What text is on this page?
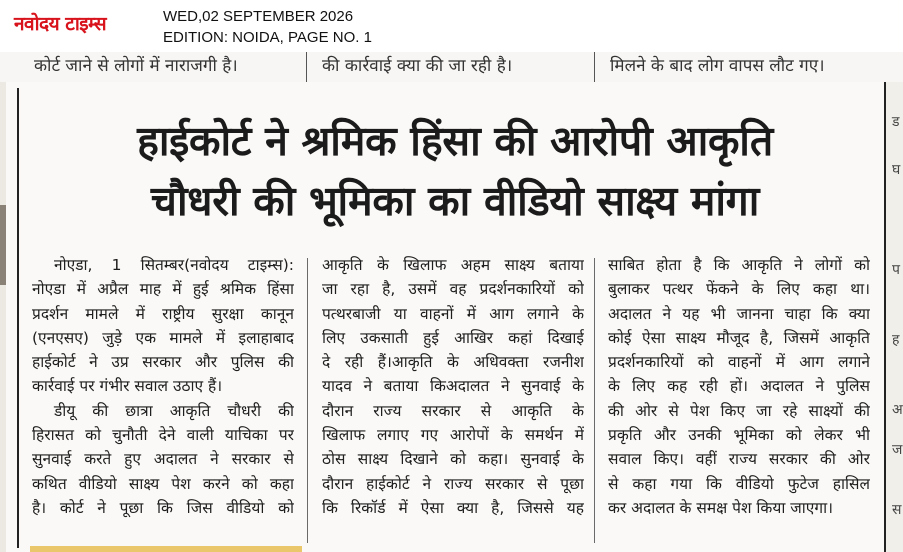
नवोदय टाइम्स	WED,02 SEPTEMBER 2026
EDITION: NOIDA, PAGE NO. 1
कोर्ट जाने से लोगों में नाराजगी है।	की कार्रवाई क्या की जा रही है।	मिलने के बाद लोग वापस लौट गए।
ड
घ
प
ह
अ
ज
स
हाईकोर्ट ने श्रमिक हिंसा की आरोपी आकृति
चौधरी की भूमिका का वीडियो साक्ष्य मांगा
नोएडा, 1 सितम्बर(नवोदय टाइम्स):
नोएडा में अप्रैल माह में हुई श्रमिक हिंसा
प्रदर्शन मामले में राष्ट्रीय सुरक्षा कानून
(एनएसए) जुड़े एक मामले में इलाहाबाद
हाईकोर्ट ने उप्र सरकार और पुलिस की
कार्रवाई पर गंभीर सवाल उठाए हैं।
डीयू की छात्रा आकृति चौधरी की
हिरासत को चुनौती देने वाली याचिका पर
सुनवाई करते हुए अदालत ने सरकार से
कथित वीडियो साक्ष्य पेश करने को कहा
है। कोर्ट ने पूछा कि जिस वीडियो को
आकृति के खिलाफ अहम साक्ष्य बताया
जा रहा है, उसमें वह प्रदर्शनकारियों को
पत्थरबाजी या वाहनों में आग लगाने के
लिए उकसाती हुई आखिर कहां दिखाई
दे रही हैं।आकृति के अधिवक्ता रजनीश
यादव ने बताया किअदालत ने सुनवाई के
दौरान राज्य सरकार से आकृति के
खिलाफ लगाए गए आरोपों के समर्थन में
ठोस साक्ष्य दिखाने को कहा। सुनवाई के
दौरान हाईकोर्ट ने राज्य सरकार से पूछा
कि रिकॉर्ड में ऐसा क्या है, जिससे यह
साबित होता है कि आकृति ने लोगों को
बुलाकर पत्थर फेंकने के लिए कहा था।
अदालत ने यह भी जानना चाहा कि क्या
कोई ऐसा साक्ष्य मौजूद है, जिसमें आकृति
प्रदर्शनकारियों को वाहनों में आग लगाने
के लिए कह रही हों। अदालत ने पुलिस
की ओर से पेश किए जा रहे साक्ष्यों की
प्रकृति और उनकी भूमिका को लेकर भी
सवाल किए। वहीं राज्य सरकार की ओर
से कहा गया कि वीडियो फुटेज हासिल
कर अदालत के समक्ष पेश किया जाएगा।
